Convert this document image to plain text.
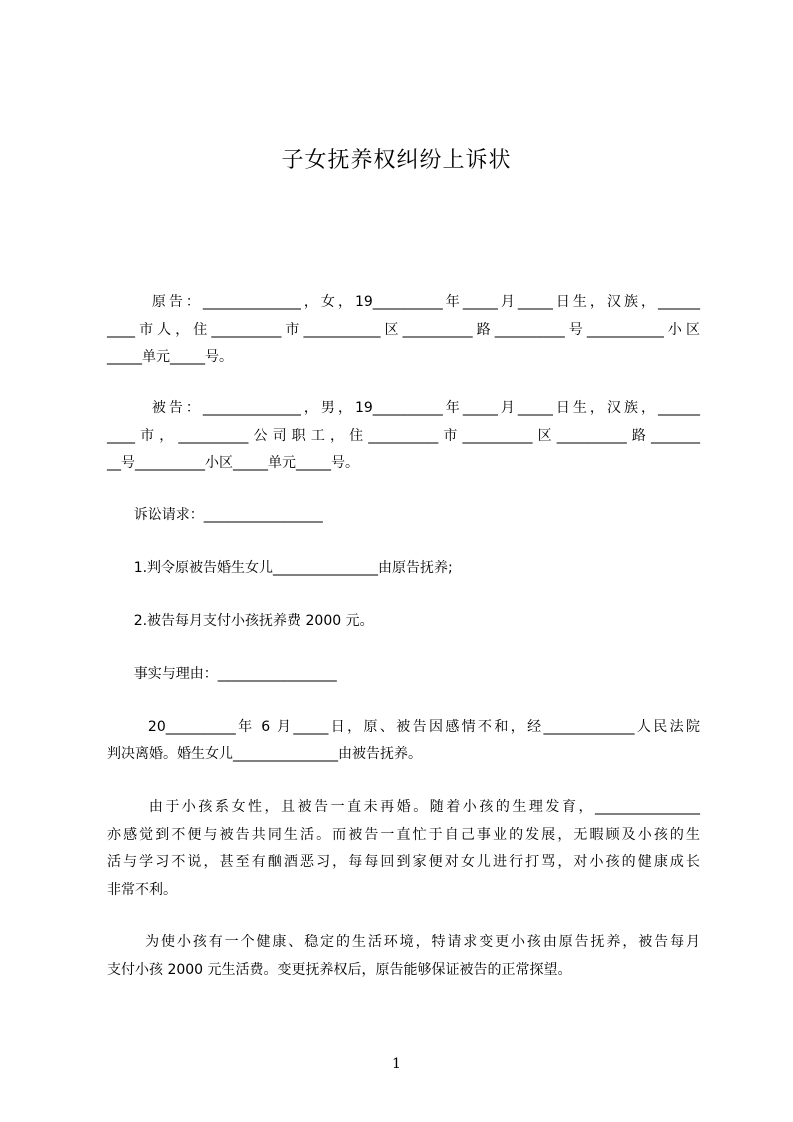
子女抚养权纠纷上诉状
原告：______________，女，19__________年_____月_____日生，汉族，______
____市人，住__________市___________区__________路__________号___________小区
_____单元_____号。
被告：______________，男，19__________年_____月_____日生，汉族，______
____市，__________公司职工，住__________市__________区__________路_______
__号__________小区_____单元_____号。
诉讼请求：_________________
1.判令原被告婚生女儿_______________由原告抚养;
2.被告每月支付小孩抚养费 2000 元。
事实与理由：_________________
20__________年 6 月_____日，原、被告因感情不和，经_____________人民法院
判决离婚。婚生女儿_______________由被告抚养。
由于小孩系女性，且被告一直未再婚。随着小孩的生理发育，_______________
亦感觉到不便与被告共同生活。而被告一直忙于自己事业的发展，无暇顾及小孩的生
活与学习不说，甚至有酗酒恶习，每每回到家便对女儿进行打骂，对小孩的健康成长
非常不利。
为使小孩有一个健康、稳定的生活环境，特请求变更小孩由原告抚养，被告每月
支付小孩 2000 元生活费。变更抚养权后，原告能够保证被告的正常探望。
1
